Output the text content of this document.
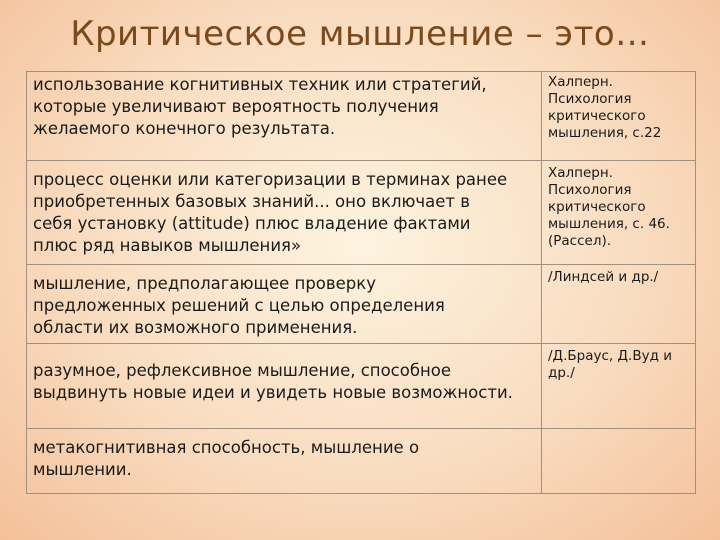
Критическое мышление – это…
использование когнитивных техник или стратегий,
которые увеличивают вероятность получения
желаемого конечного результата.	Халперн.
Психология
критического
мышления, с.22

процесс оценки или категоризации в терминах ранее
приобретенных базовых знаний... оно включает в
себя установку (attitude) плюс владение фактами
плюс ряд навыков мышления»	Халперн.
Психология
критического
мышления, с. 46.
(Рассел).

мышление, предполагающее проверку
предложенных решений с целью определения
области их возможного применения.	/Линдсей и др./

разумное, рефлексивное мышление, способное
выдвинуть новые идеи и увидеть новые возможности.	/Д.Браус, Д.Вуд и
др./

метакогнитивная способность, мышление о
мышлении.	
